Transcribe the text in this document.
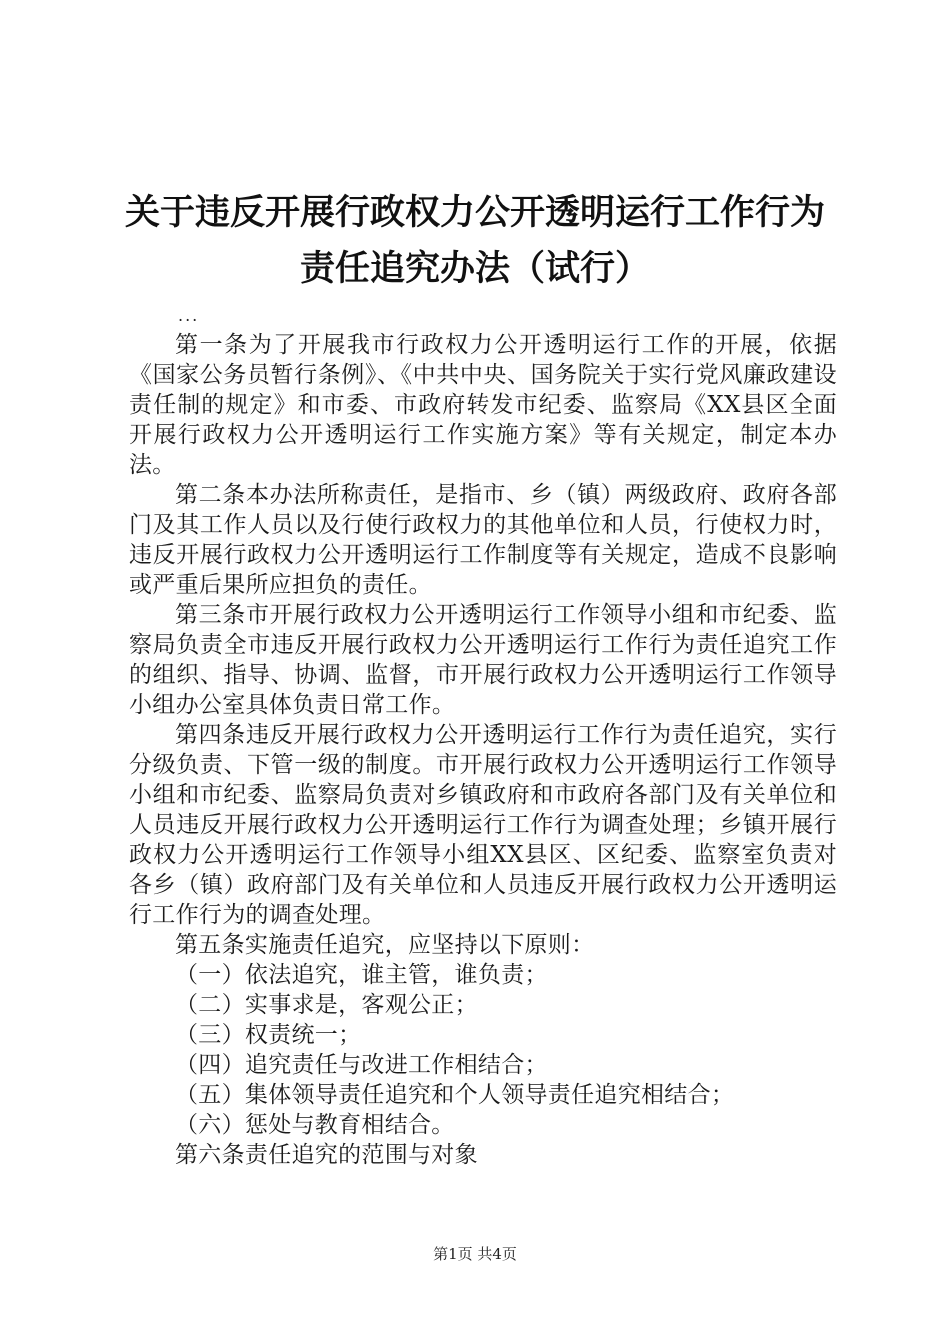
关于违反开展行政权力公开透明运行工作行为
责任追究办法（试行）
...

第一条为了开展我市行政权力公开透明运行工作的开展，依据《国家公务员暂行条例》、《中共中央、国务院关于实行党风廉政建设责任制的规定》和市委、市政府转发市纪委、监察局《XX县区全面开展行政权力公开透明运行工作实施方案》等有关规定，制定本办法。

第二条本办法所称责任，是指市、乡（镇）两级政府、政府各部门及其工作人员以及行使行政权力的其他单位和人员，行使权力时，违反开展行政权力公开透明运行工作制度等有关规定，造成不良影响或严重后果所应担负的责任。

第三条市开展行政权力公开透明运行工作领导小组和市纪委、监察局负责全市违反开展行政权力公开透明运行工作行为责任追究工作的组织、指导、协调、监督，市开展行政权力公开透明运行工作领导小组办公室具体负责日常工作。

第四条违反开展行政权力公开透明运行工作行为责任追究，实行分级负责、下管一级的制度。市开展行政权力公开透明运行工作领导小组和市纪委、监察局负责对乡镇政府和市政府各部门及有关单位和人员违反开展行政权力公开透明运行工作行为调查处理；乡镇开展行政权力公开透明运行工作领导小组XX县区、区纪委、监察室负责对各乡（镇）政府部门及有关单位和人员违反开展行政权力公开透明运行工作行为的调查处理。

第五条实施责任追究，应坚持以下原则：

（一）依法追究，谁主管，谁负责；

（二）实事求是，客观公正；

（三）权责统一；

（四）追究责任与改进工作相结合；

（五）集体领导责任追究和个人领导责任追究相结合；

（六）惩处与教育相结合。

第六条责任追究的范围与对象

第1页 共4页
